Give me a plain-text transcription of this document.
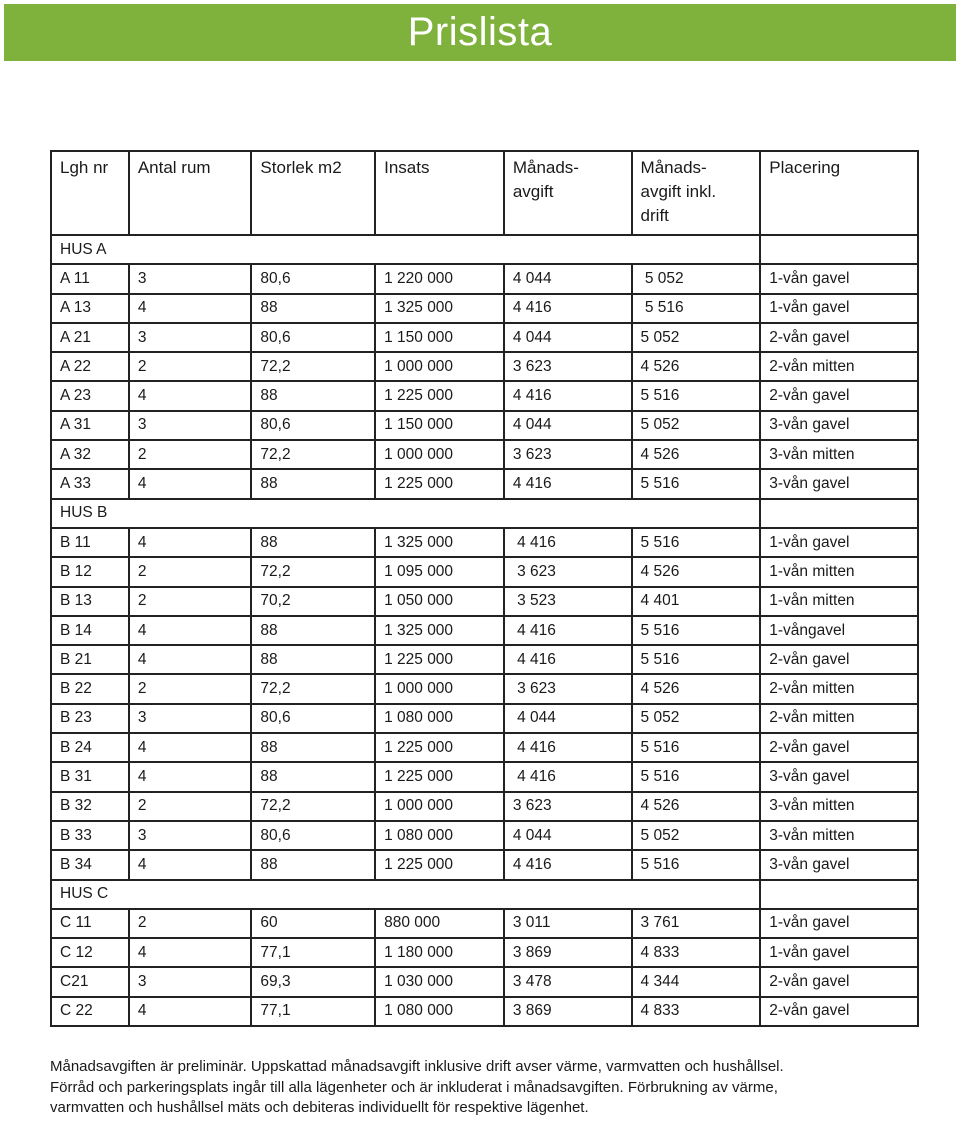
Prislista
Lgh nr	Antal rum	Storlek m2	Insats	Månads-
avgift	Månads-
avgift inkl.
drift	Placering
HUS A						
A 11	3	80,6	1 220 000	4 044	5 052	1-vån gavel
A 13	4	88	1 325 000	4 416	5 516	1-vån gavel
A 21	3	80,6	1 150 000	4 044	5 052	2-vån gavel
A 22	2	72,2	1 000 000	3 623	4 526	2-vån mitten
A 23	4	88	1 225 000	4 416	5 516	2-vån gavel
A 31	3	80,6	1 150 000	4 044	5 052	3-vån gavel
A 32	2	72,2	1 000 000	3 623	4 526	3-vån mitten
A 33	4	88	1 225 000	4 416	5 516	3-vån gavel
HUS B						
B 11	4	88	1 325 000	4 416	5 516	1-vån gavel
B 12	2	72,2	1 095 000	3 623	4 526	1-vån mitten
B 13	2	70,2	1 050 000	3 523	4 401	1-vån mitten
B 14	4	88	1 325 000	4 416	5 516	1-vångavel
B 21	4	88	1 225 000	4 416	5 516	2-vån gavel
B 22	2	72,2	1 000 000	3 623	4 526	2-vån mitten
B 23	3	80,6	1 080 000	4 044	5 052	2-vån mitten
B 24	4	88	1 225 000	4 416	5 516	2-vån gavel
B 31	4	88	1 225 000	4 416	5 516	3-vån gavel
B 32	2	72,2	1 000 000	3 623	4 526	3-vån mitten
B 33	3	80,6	1 080 000	4 044	5 052	3-vån mitten
B 34	4	88	1 225 000	4 416	5 516	3-vån gavel
HUS C						
C 11	2	60	880 000	3 011	3 761	1-vån gavel
C 12	4	77,1	1 180 000	3 869	4 833	1-vån gavel
C21	3	69,3	1 030 000	3 478	4 344	2-vån gavel
C 22	4	77,1	1 080 000	3 869	4 833	2-vån gavel

Månadsavgiften är preliminär. Uppskattad månadsavgift inklusive drift avser värme, varmvatten och hushållsel.

Förråd och parkeringsplats ingår till alla lägenheter och är inkluderat i månadsavgiften. Förbrukning av värme,

varmvatten och hushållsel mäts och debiteras individuellt för respektive lägenhet.
